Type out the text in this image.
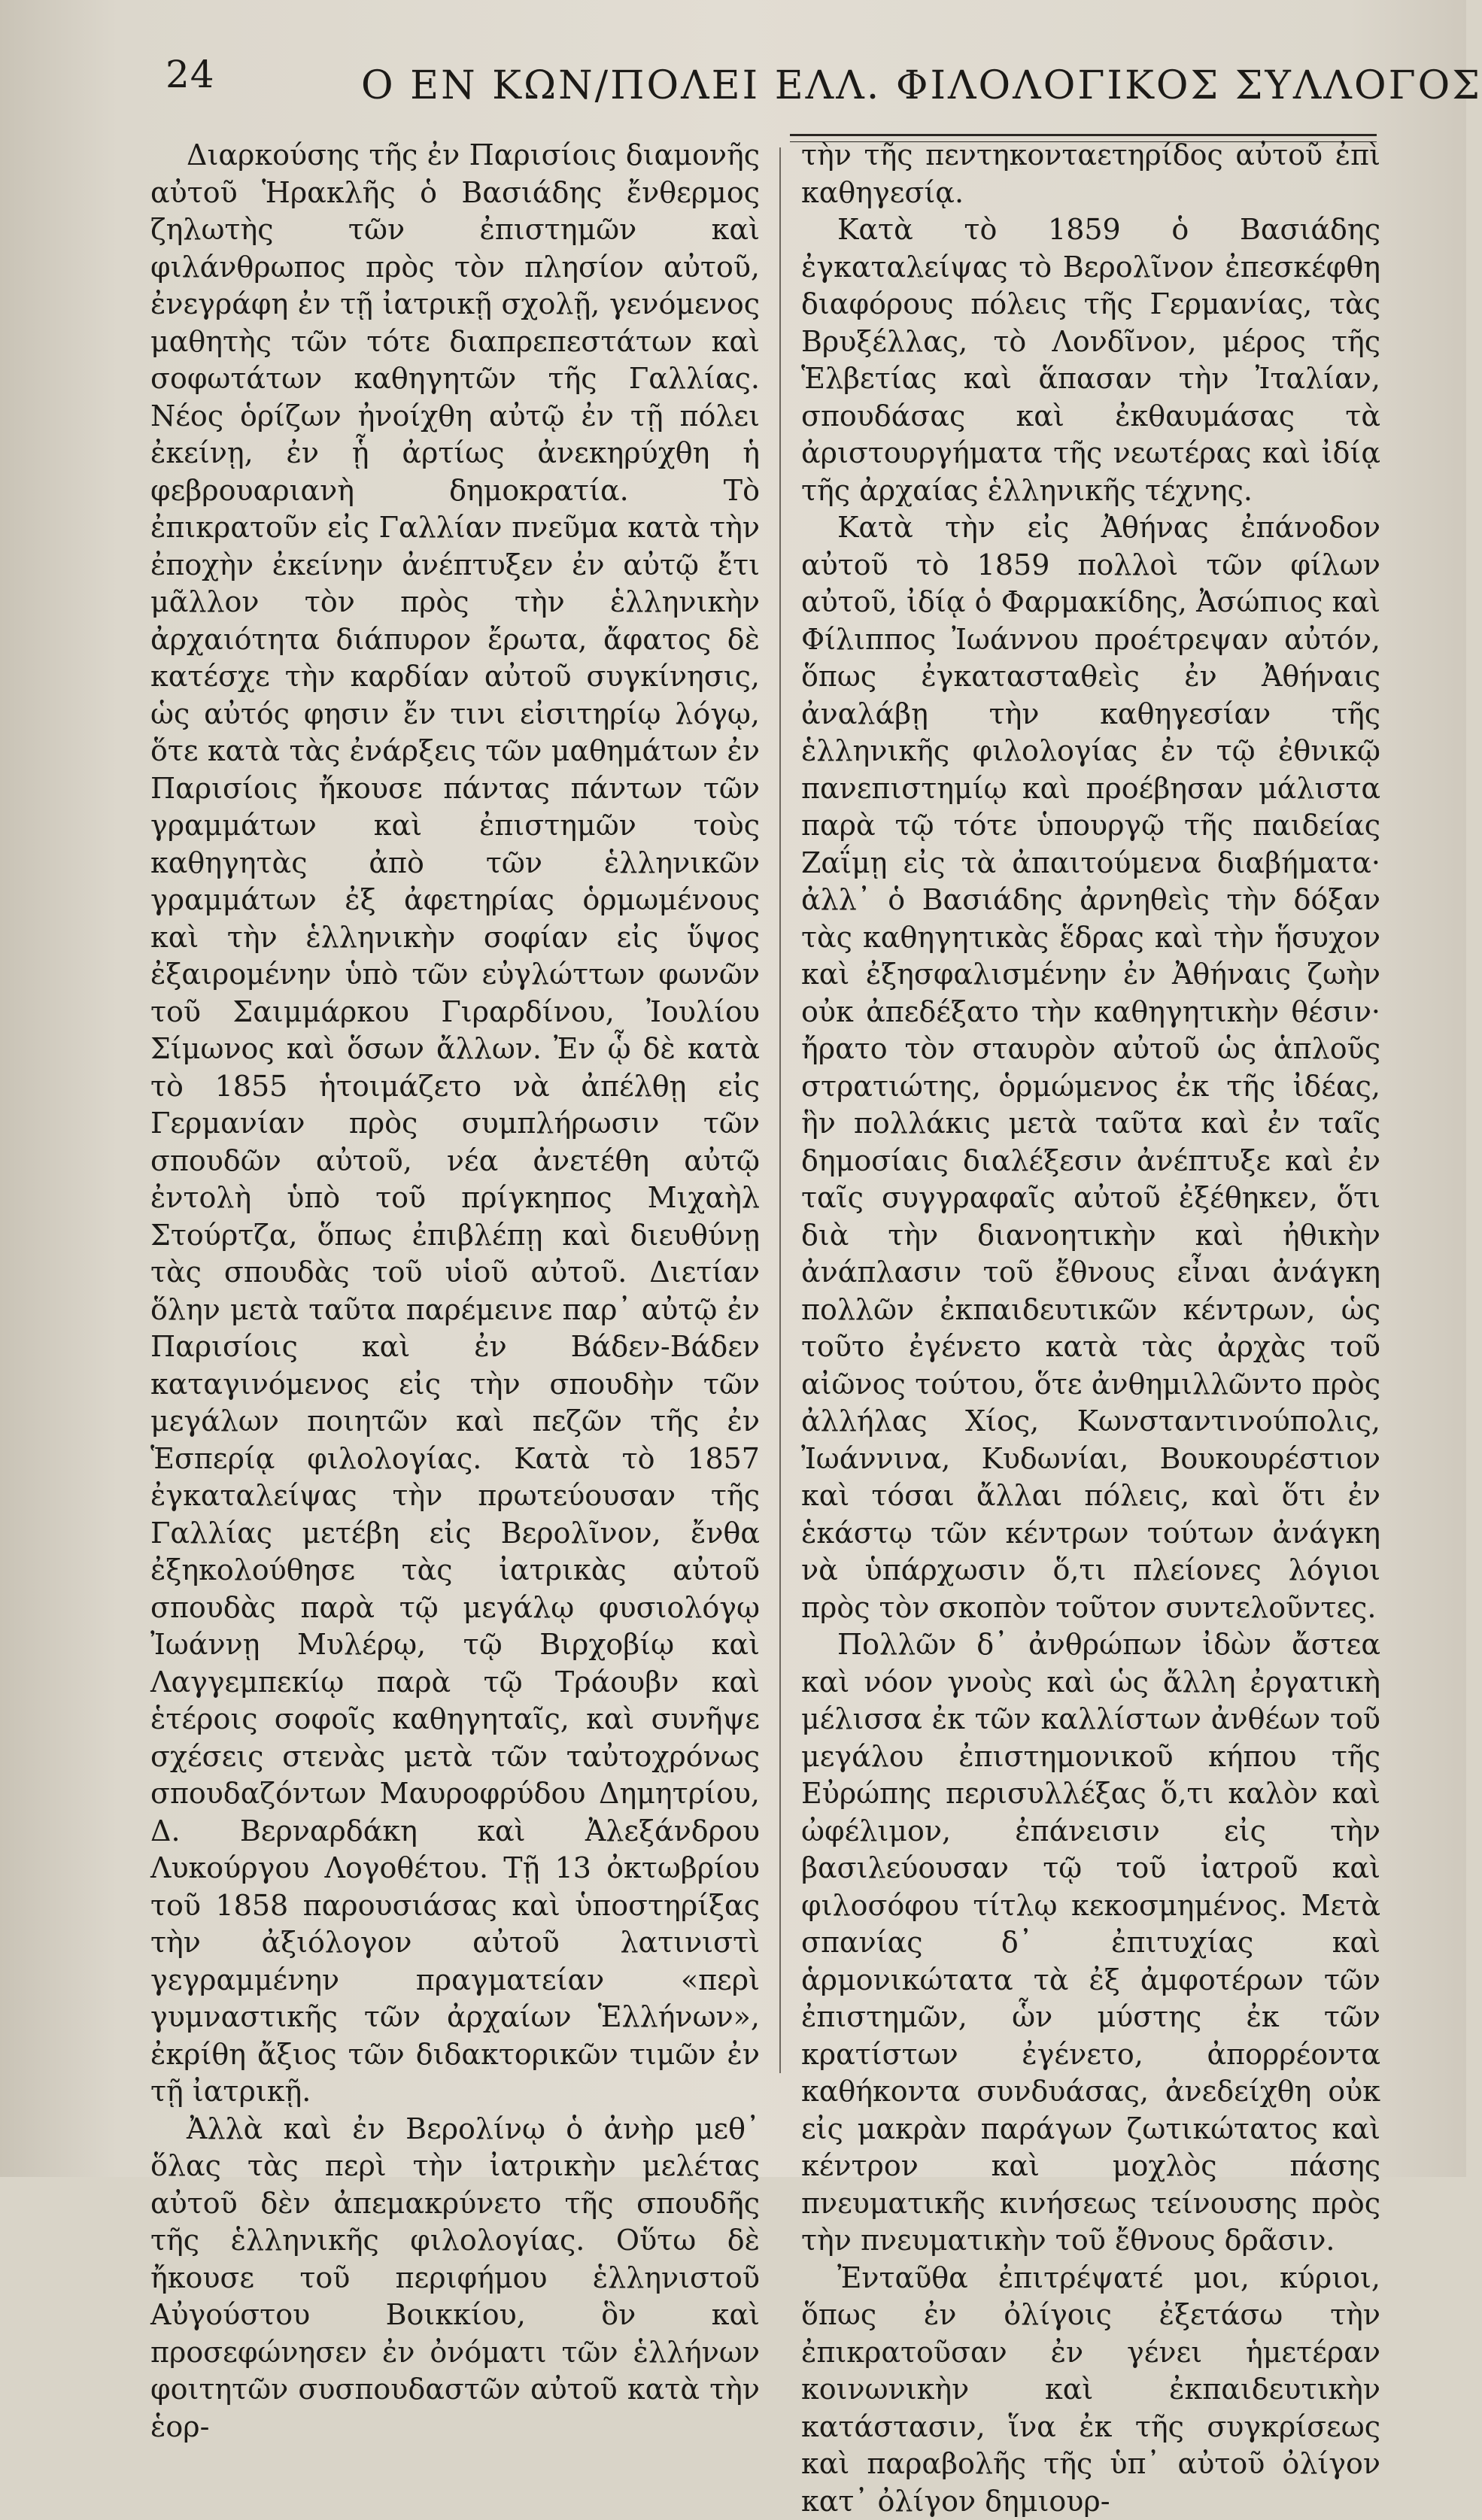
24	Ο ΕΝ ΚΩΝ/ΠΟΛΕΙ ΕΛΛ. ΦΙΛΟΛΟΓΙΚΟΣ ΣΥΛΛΟΓΟΣ

Διαρκούσης τῆς ἐν Παρισίοις διαμονῆς αὐτοῦ Ἡρακλῆς ὁ Βασιάδης ἔνθερμος ζηλωτὴς τῶν ἐπιστημῶν καὶ φιλάνθρωπος πρὸς τὸν πλησίον αὐτοῦ, ἐνεγράφη ἐν τῇ ἰατρικῇ σχολῇ, γενόμενος μαθητὴς τῶν τότε διαπρεπεστάτων καὶ σοφωτάτων καθηγητῶν τῆς Γαλλίας. Νέος ὁρίζων ἠνοίχθη αὐτῷ ἐν τῇ πόλει ἐκείνῃ, ἐν ᾗ ἀρτίως ἀνεκηρύχθη ἡ φεβρουαριανὴ δημοκρατία. Τὸ ἐπικρατοῦν εἰς Γαλλίαν πνεῦμα κατὰ τὴν ἐποχὴν ἐκείνην ἀνέπτυξεν ἐν αὐτῷ ἔτι μᾶλλον τὸν πρὸς τὴν ἑλληνικὴν ἀρχαιότητα διάπυρον ἔρωτα, ἄφατος δὲ κατέσχε τὴν καρδίαν αὐτοῦ συγκίνησις, ὡς αὐτός φησιν ἔν τινι εἰσιτηρίῳ λόγῳ, ὅτε κατὰ τὰς ἐνάρξεις τῶν μαθημάτων ἐν Παρισίοις ἤκουσε πάντας πάντων τῶν γραμμάτων καὶ ἐπιστημῶν τοὺς καθηγητὰς ἀπὸ τῶν ἑλληνικῶν γραμμάτων ἐξ ἀφετηρίας ὁρμωμένους καὶ τὴν ἑλληνικὴν σοφίαν εἰς ὕψος ἐξαιρομένην ὑπὸ τῶν εὐγλώττων φωνῶν τοῦ Σαιμμάρκου Γιραρδίνου, Ἰουλίου Σίμωνος καὶ ὅσων ἄλλων. Ἐν ᾧ δὲ κατὰ τὸ 1855 ἡτοιμάζετο νὰ ἀπέλθῃ εἰς Γερμανίαν πρὸς συμπλήρωσιν τῶν σπουδῶν αὐτοῦ, νέα ἀνετέθη αὐτῷ ἐντολὴ ὑπὸ τοῦ πρίγκηπος Μιχαὴλ Στούρτζα, ὅπως ἐπιβλέπῃ καὶ διευθύνῃ τὰς σπουδὰς τοῦ υἱοῦ αὐτοῦ. Διετίαν ὅλην μετὰ ταῦτα παρέμεινε παρ᾿ αὐτῷ ἐν Παρισίοις καὶ ἐν Βάδεν-Βάδεν καταγινόμενος εἰς τὴν σπουδὴν τῶν μεγάλων ποιητῶν καὶ πεζῶν τῆς ἐν Ἑσπερίᾳ φιλολογίας. Κατὰ τὸ 1857 ἐγκαταλείψας τὴν πρωτεύουσαν τῆς Γαλλίας μετέβη εἰς Βερολῖνον, ἔνθα ἐξηκολούθησε τὰς ἰατρικὰς αὐτοῦ σπουδὰς παρὰ τῷ μεγάλῳ φυσιολόγῳ Ἰωάννῃ Μυλέρῳ, τῷ Βιρχοβίῳ καὶ Λαγγεμπεκίῳ παρὰ τῷ Τράουβν καὶ ἑτέροις σοφοῖς καθηγηταῖς, καὶ συνῆψε σχέσεις στενὰς μετὰ τῶν ταὐτοχρόνως σπουδαζόντων Μαυροφρύδου Δημητρίου, Δ. Βερναρδάκη καὶ Ἀλεξάνδρου Λυκούργου Λογοθέτου. Τῇ 13 ὀκτωβρίου τοῦ 1858 παρουσιάσας καὶ ὑποστηρίξας τὴν ἀξιόλογον αὐτοῦ λατινιστὶ γεγραμμένην πραγματείαν «περὶ γυμναστικῆς τῶν ἀρχαίων Ἑλλήνων», ἐκρίθη ἄξιος τῶν διδακτορικῶν τιμῶν ἐν τῇ ἰατρικῇ.

Ἀλλὰ καὶ ἐν Βερολίνῳ ὁ ἀνὴρ μεθ᾿ ὅλας τὰς περὶ τὴν ἰατρικὴν μελέτας αὐτοῦ δὲν ἀπεμακρύνετο τῆς σπουδῆς τῆς ἑλληνικῆς φιλολογίας. Οὕτω δὲ ἤκουσε τοῦ περιφήμου ἑλληνιστοῦ Αὐγούστου Βοικκίου, ὃν καὶ προσεφώνησεν ἐν ὀνόματι τῶν ἑλλήνων φοιτητῶν συσπουδαστῶν αὐτοῦ κατὰ τὴν ἑορ-

τὴν τῆς πεντηκονταετηρίδος αὐτοῦ ἐπὶ καθηγεσίᾳ.

Κατὰ τὸ 1859 ὁ Βασιάδης ἐγκαταλείψας τὸ Βερολῖνον ἐπεσκέφθη διαφόρους πόλεις τῆς Γερμανίας, τὰς Βρυξέλλας, τὸ Λονδῖνον, μέρος τῆς Ἑλβετίας καὶ ἅπασαν τὴν Ἰταλίαν, σπουδάσας καὶ ἐκθαυμάσας τὰ ἀριστουργήματα τῆς νεωτέρας καὶ ἰδίᾳ τῆς ἀρχαίας ἑλληνικῆς τέχνης.

Κατὰ τὴν εἰς Ἀθήνας ἐπάνοδον αὐτοῦ τὸ 1859 πολλοὶ τῶν φίλων αὐτοῦ, ἰδίᾳ ὁ Φαρμακίδης, Ἀσώπιος καὶ Φίλιππος Ἰωάννου προέτρεψαν αὐτόν, ὅπως ἐγκατασταθεὶς ἐν Ἀθήναις ἀναλάβῃ τὴν καθηγεσίαν τῆς ἑλληνικῆς φιλολογίας ἐν τῷ ἐθνικῷ πανεπιστημίῳ καὶ προέβησαν μάλιστα παρὰ τῷ τότε ὑπουργῷ τῆς παιδείας Ζαΐμῃ εἰς τὰ ἀπαιτούμενα διαβήματα· ἀλλ᾿ ὁ Βασιάδης ἀρνηθεὶς τὴν δόξαν τὰς καθηγητικὰς ἕδρας καὶ τὴν ἥσυχον καὶ ἐξησφαλισμένην ἐν Ἀθήναις ζωὴν οὐκ ἀπεδέξατο τὴν καθηγητικὴν θέσιν· ἤρατο τὸν σταυρὸν αὐτοῦ ὡς ἁπλοῦς στρατιώτης, ὁρμώμενος ἐκ τῆς ἰδέας, ἣν πολλάκις μετὰ ταῦτα καὶ ἐν ταῖς δημοσίαις διαλέξεσιν ἀνέπτυξε καὶ ἐν ταῖς συγγραφαῖς αὐτοῦ ἐξέθηκεν, ὅτι διὰ τὴν διανοητικὴν καὶ ἠθικὴν ἀνάπλασιν τοῦ ἔθνους εἶναι ἀνάγκη πολλῶν ἐκπαιδευτικῶν κέντρων, ὡς τοῦτο ἐγένετο κατὰ τὰς ἀρχὰς τοῦ αἰῶνος τούτου, ὅτε ἀνθημιλλῶντο πρὸς ἀλλήλας Χίος, Κωνσταντινούπολις, Ἰωάννινα, Κυδωνίαι, Βουκουρέστιον καὶ τόσαι ἄλλαι πόλεις, καὶ ὅτι ἐν ἑκάστῳ τῶν κέντρων τούτων ἀνάγκη νὰ ὑπάρχωσιν ὅ,τι πλείονες λόγιοι πρὸς τὸν σκοπὸν τοῦτον συντελοῦντες.

Πολλῶν δ᾿ ἀνθρώπων ἰδὼν ἄστεα καὶ νόον γνοὺς καὶ ὡς ἄλλη ἐργατικὴ μέλισσα ἐκ τῶν καλλίστων ἀνθέων τοῦ μεγάλου ἐπιστημονικοῦ κήπου τῆς Εὐρώπης περισυλλέξας ὅ,τι καλὸν καὶ ὠφέλιμον, ἐπάνεισιν εἰς τὴν βασιλεύουσαν τῷ τοῦ ἰατροῦ καὶ φιλοσόφου τίτλῳ κεκοσμημένος. Μετὰ σπανίας δ᾿ ἐπιτυχίας καὶ ἁρμονικώτατα τὰ ἐξ ἀμφοτέρων τῶν ἐπιστημῶν, ὧν μύστης ἐκ τῶν κρατίστων ἐγένετο, ἀπορρέοντα καθήκοντα συνδυάσας, ἀνεδείχθη οὐκ εἰς μακρὰν παράγων ζωτικώτατος καὶ κέντρον καὶ μοχλὸς πάσης πνευματικῆς κινήσεως τείνουσης πρὸς τὴν πνευματικὴν τοῦ ἔθνους δρᾶσιν.

Ἐνταῦθα ἐπιτρέψατέ μοι, κύριοι, ὅπως ἐν ὀλίγοις ἐξετάσω τὴν ἐπικρατοῦσαν ἐν γένει ἡμετέραν κοινωνικὴν καὶ ἐκπαιδευτικὴν κατάστασιν, ἵνα ἐκ τῆς συγκρίσεως καὶ παραβολῆς τῆς ὑπ᾿ αὐτοῦ ὀλίγον κατ᾿ ὀλίγον δημιουρ-
